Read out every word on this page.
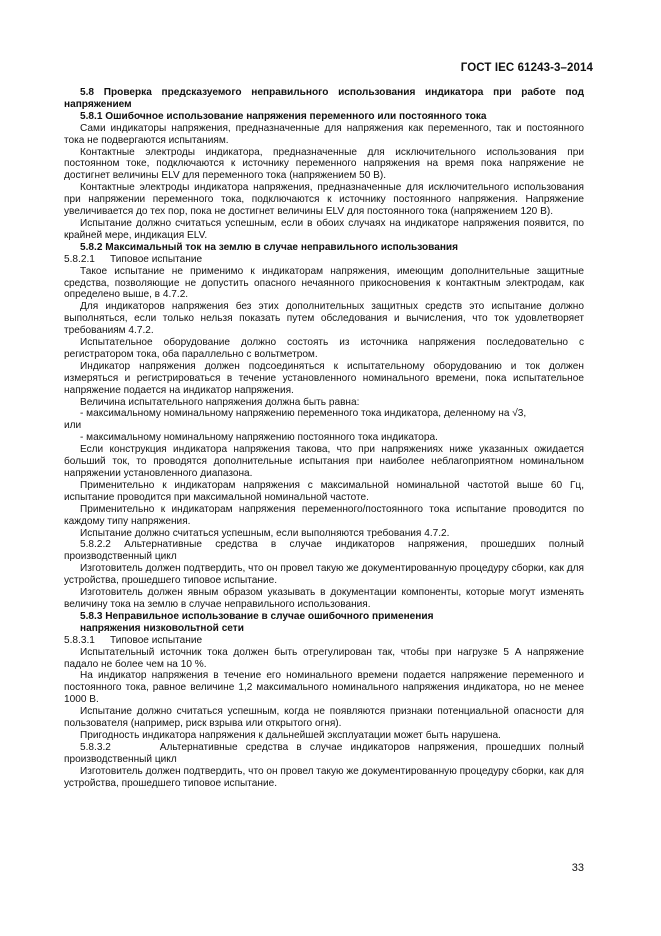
ГОСТ IEC 61243-3–2014

5.8 Проверка предсказуемого неправильного использования индикатора при работе под напряжением

5.8.1 Ошибочное использование напряжения переменного или постоянного тока

Сами индикаторы напряжения, предназначенные для напряжения как переменного, так и постоянного тока не подвергаются испытаниям.

Контактные электроды индикатора, предназначенные для исключительного использования при постоянном токе, подключаются к источнику переменного напряжения на время пока напряжение не достигнет величины ELV для переменного тока (напряжением 50 В).

Контактные электроды индикатора напряжения, предназначенные для исключительного использования при напряжении переменного тока, подключаются к источнику постоянного напряжения. Напряжение увеличивается до тех пор, пока не достигнет величины ELV для постоянного тока (напряжением 120 В).

Испытание должно считаться успешным, если в обоих случаях на индикаторе напряжения появится, по крайней мере, индикация ELV.

5.8.2 Максимальный ток на землю в случае неправильного использования

5.8.2.1 Типовое испытание

Такое испытание не применимо к индикаторам напряжения, имеющим дополнительные защитные средства, позволяющие не допустить опасного нечаянного прикосновения к контактным электродам, как определено выше, в 4.7.2.

Для индикаторов напряжения без этих дополнительных защитных средств это испытание должно выполняться, если только нельзя показать путем обследования и вычисления, что ток удовлетворяет требованиям 4.7.2.

Испытательное оборудование должно состоять из источника напряжения последовательно с регистратором тока, оба параллельно с вольтметром.

Индикатор напряжения должен подсоединяться к испытательному оборудованию и ток должен измеряться и регистрироваться в течение установленного номинального времени, пока испытательное напряжение подается на индикатор напряжения.

Величина испытательного напряжения должна быть равна:

- максимальному номинальному напряжению переменного тока индикатора, деленному на √3,

или

- максимальному номинальному напряжению постоянного тока индикатора.

Если конструкция индикатора напряжения такова, что при напряжениях ниже указанных ожидается больший ток, то проводятся дополнительные испытания при наиболее неблагоприятном номинальном напряжении установленного диапазона.

Применительно к индикаторам напряжения с максимальной номинальной частотой выше 60 Гц, испытание проводится при максимальной номинальной частоте.

Применительно к индикаторам напряжения переменного/постоянного тока испытание проводится по каждому типу напряжения.

Испытание должно считаться успешным, если выполняются требования 4.7.2.

5.8.2.2 Альтернативные средства в случае индикаторов напряжения, прошедших полный производственный цикл

Изготовитель должен подтвердить, что он провел такую же документированную процедуру сборки, как для устройства, прошедшего типовое испытание.

Изготовитель должен явным образом указывать в документации компоненты, которые могут изменять величину тока на землю в случае неправильного использования.

5.8.3 Неправильное использование в случае ошибочного применения

напряжения низковольтной сети

5.8.3.1 Типовое испытание

Испытательный источник тока должен быть отрегулирован так, чтобы при нагрузке 5 А напряжение падало не более чем на 10 %.

На индикатор напряжения в течение его номинального времени подается напряжение переменного и постоянного тока, равное величине 1,2 максимального номинального напряжения индикатора, но не менее 1000 В.

Испытание должно считаться успешным, когда не появляются признаки потенциальной опасности для пользователя (например, риск взрыва или открытого огня).

Пригодность индикатора напряжения к дальнейшей эксплуатации может быть нарушена.

5.8.3.2	Альтернативные средства в случае индикаторов напряжения, прошедших полный производственный цикл

Изготовитель должен подтвердить, что он провел такую же документированную процедуру сборки, как для устройства, прошедшего типовое испытание.

33
